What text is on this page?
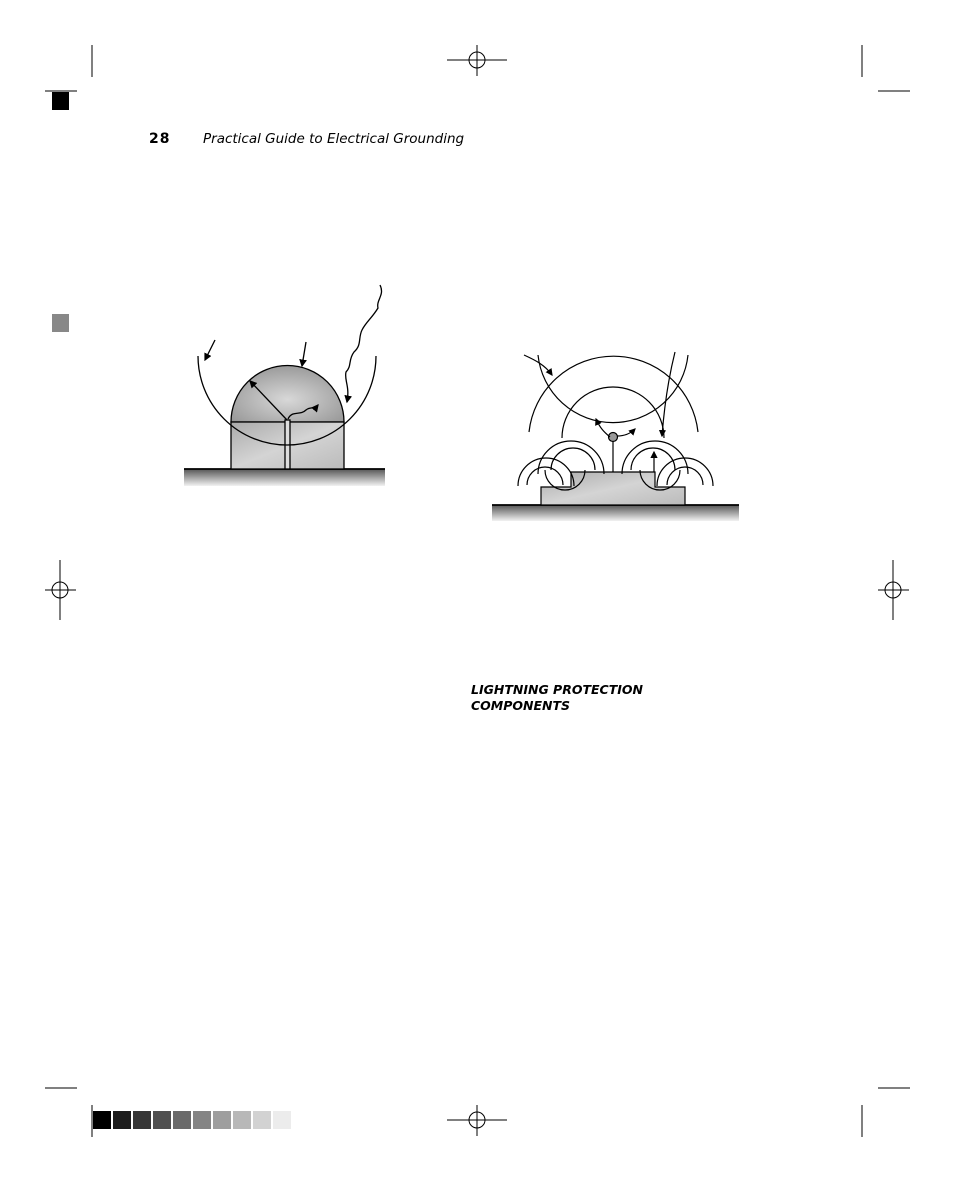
28 Practical Guide to Electrical Grounding
LIGHTNING PROTECTION
COMPONENTS
